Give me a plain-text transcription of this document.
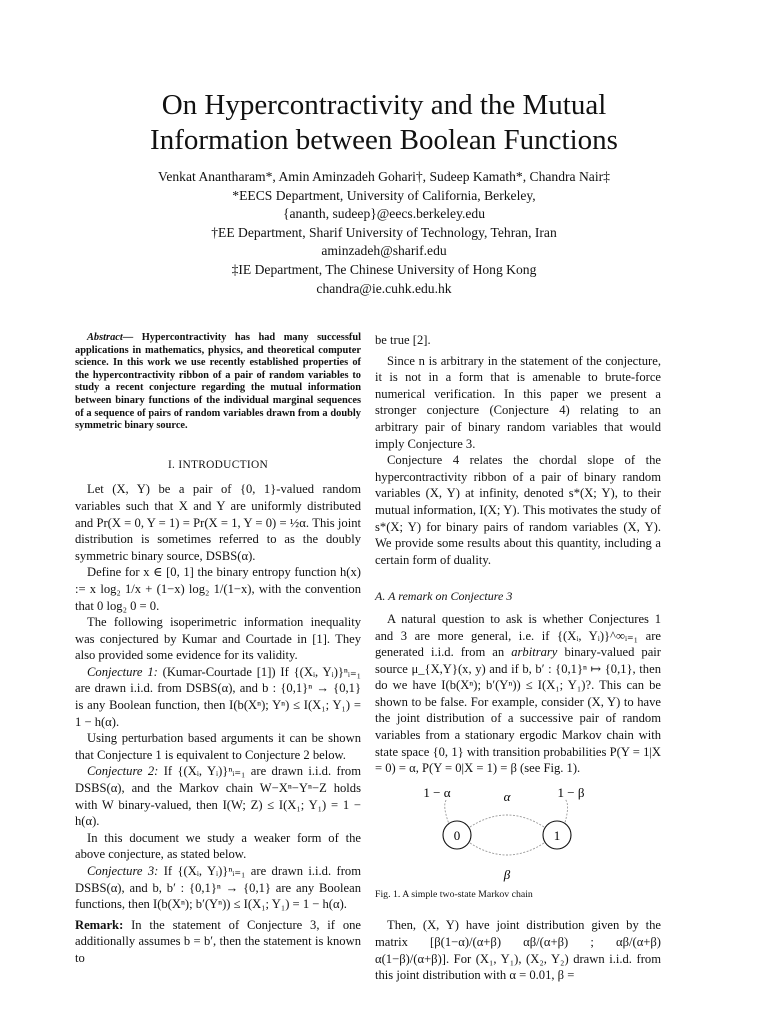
On Hypercontractivity and the Mutual
Information between Boolean Functions
Venkat Anantharam*, Amin Aminzadeh Gohari†, Sudeep Kamath*, Chandra Nair‡
*EECS Department, University of California, Berkeley,
{ananth, sudeep}@eecs.berkeley.edu
†EE Department, Sharif University of Technology, Tehran, Iran
aminzadeh@sharif.edu
‡IE Department, The Chinese University of Hong Kong
chandra@ie.cuhk.edu.hk

Abstract— Hypercontractivity has had many successful applications in mathematics, physics, and theoretical computer science. In this work we use recently established properties of the hypercontractivity ribbon of a pair of random variables to study a recent conjecture regarding the mutual information between binary functions of the individual marginal sequences of a sequence of pairs of random variables drawn from a doubly symmetric binary source.

I. INTRODUCTION

Let (X, Y) be a pair of {0, 1}-valued random variables such that X and Y are uniformly distributed and Pr(X = 0, Y = 1) = Pr(X = 1, Y = 0) = ½α. This joint distribution is sometimes referred to as the doubly symmetric binary source, DSBS(α).

Define for x ∈ [0, 1] the binary entropy function h(x) := x log₂ 1/x + (1−x) log₂ 1/(1−x), with the convention that 0 log₂ 0 = 0.

The following isoperimetric information inequality was conjectured by Kumar and Courtade in [1]. They also provided some evidence for its validity.

Conjecture 1: (Kumar-Courtade [1]) If {(Xᵢ, Yᵢ)}ⁿᵢ₌₁ are drawn i.i.d. from DSBS(α), and b : {0,1}ⁿ → {0,1} is any Boolean function, then I(b(Xⁿ); Yⁿ) ≤ I(X₁; Y₁) = 1 − h(α).

Using perturbation based arguments it can be shown that Conjecture 1 is equivalent to Conjecture 2 below.

Conjecture 2: If {(Xᵢ, Yᵢ)}ⁿᵢ₌₁ are drawn i.i.d. from DSBS(α), and the Markov chain W−Xⁿ−Yⁿ−Z holds with W binary-valued, then I(W; Z) ≤ I(X₁; Y₁) = 1 − h(α).

In this document we study a weaker form of the above conjecture, as stated below.

Conjecture 3: If {(Xᵢ, Yᵢ)}ⁿᵢ₌₁ are drawn i.i.d. from DSBS(α), and b, b′ : {0,1}ⁿ → {0,1} are any Boolean functions, then I(b(Xⁿ); b′(Yⁿ)) ≤ I(X₁; Y₁) = 1 − h(α).

Remark: In the statement of Conjecture 3, if one additionally assumes b = b′, then the statement is known to

be true [2].

Since n is arbitrary in the statement of the conjecture, it is not in a form that is amenable to brute-force numerical verification. In this paper we present a stronger conjecture (Conjecture 4) relating to an arbitrary pair of binary random variables that would imply Conjecture 3.

Conjecture 4 relates the chordal slope of the hypercontractivity ribbon of a pair of binary random variables (X, Y) at infinity, denoted s*(X; Y), to their mutual information, I(X; Y). This motivates the study of s*(X; Y) for binary pairs of random variables (X, Y). We provide some results about this quantity, including a certain form of duality.

A. A remark on Conjecture 3

A natural question to ask is whether Conjectures 1 and 3 are more general, i.e. if {(Xᵢ, Yᵢ)}^∞ᵢ₌₁ are generated i.i.d. from an arbitrary binary-valued pair source μ_{X,Y}(x, y) and if b, b′ : {0,1}ⁿ ↦ {0,1}, then do we have I(b(Xⁿ); b′(Yⁿ)) ≤ I(X₁; Y₁)?. This can be shown to be false. For example, consider (X, Y) to have the joint distribution of a successive pair of random variables from a stationary ergodic Markov chain with state space {0, 1} with transition probabilities P(Y = 1|X = 0) = α, P(Y = 0|X = 1) = β (see Fig. 1).

0	1
1 − α	1 − β
α
β

Fig. 1. A simple two-state Markov chain

Then, (X, Y) have joint distribution given by the matrix [β(1−α)/(α+β) αβ/(α+β) ; αβ/(α+β) α(1−β)/(α+β)]. For (X₁, Y₁), (X₂, Y₂) drawn i.i.d. from this joint distribution with α = 0.01, β =
